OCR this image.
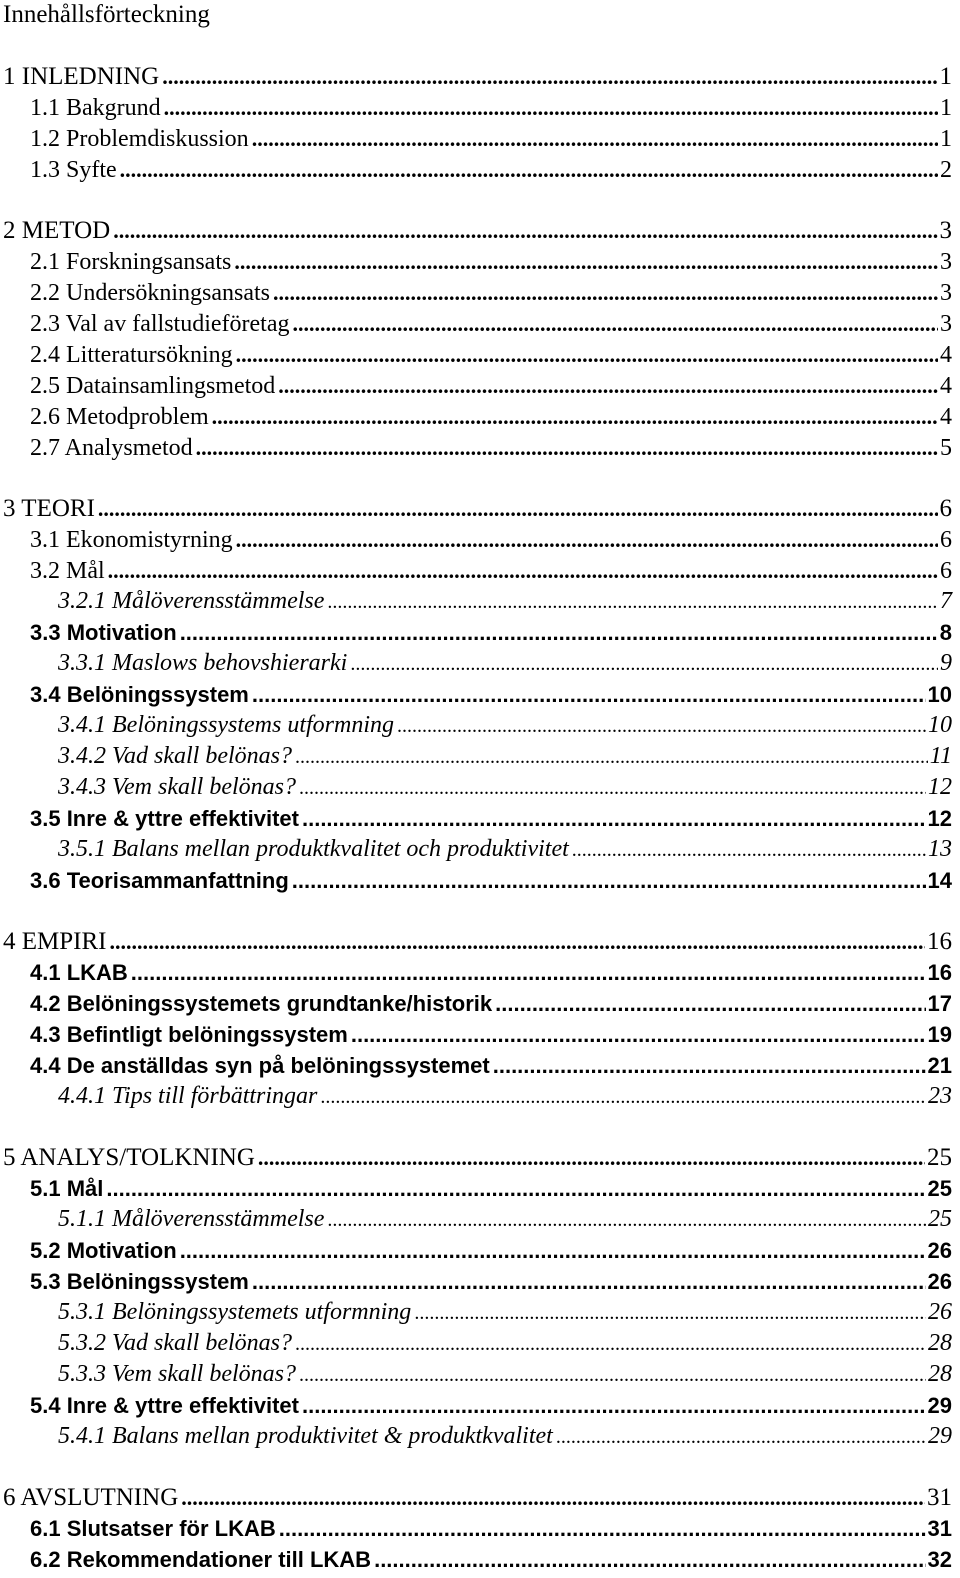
Innehållsförteckning
1 INLEDNING .....	1
1.1 Bakgrund .....	1
1.2 Problemdiskussion .....	1
1.3 Syfte .....	2
2 METOD .....	3
2.1 Forskningsansats .....	3
2.2 Undersökningsansats .....	3
2.3 Val av fallstudieföretag .....	3
2.4 Litteratursökning .....	4
2.5 Datainsamlingsmetod .....	4
2.6 Metodproblem .....	4
2.7 Analysmetod .....	5
3 TEORI .....	6
3.1 Ekonomistyrning .....	6
3.2 Mål .....	6
3.2.1 Målöverensstämmelse .....	7
3.3 Motivation .....	8
3.3.1 Maslows behovshierarki .....	9
3.4 Belöningssystem .....	10
3.4.1 Belöningssystems utformning .....	10
3.4.2 Vad skall belönas? .....	11
3.4.3 Vem skall belönas? .....	12
3.5 Inre & yttre effektivitet .....	12
3.5.1 Balans mellan produktkvalitet och produktivitet .....	13
3.6 Teorisammanfattning .....	14
4 EMPIRI .....	16
4.1 LKAB .....	16
4.2 Belöningssystemets grundtanke/historik .....	17
4.3 Befintligt belöningssystem .....	19
4.4 De anställdas syn på belöningssystemet .....	21
4.4.1 Tips till förbättringar .....	23
5 ANALYS/TOLKNING .....	25
5.1 Mål .....	25
5.1.1 Målöverensstämmelse .....	25
5.2 Motivation .....	26
5.3 Belöningssystem .....	26
5.3.1 Belöningssystemets utformning .....	26
5.3.2 Vad skall belönas? .....	28
5.3.3 Vem skall belönas? .....	28
5.4 Inre & yttre effektivitet .....	29
5.4.1 Balans mellan produktivitet & produktkvalitet .....	29
6 AVSLUTNING .....	31
6.1 Slutsatser för LKAB .....	31
6.2 Rekommendationer till LKAB .....	32
